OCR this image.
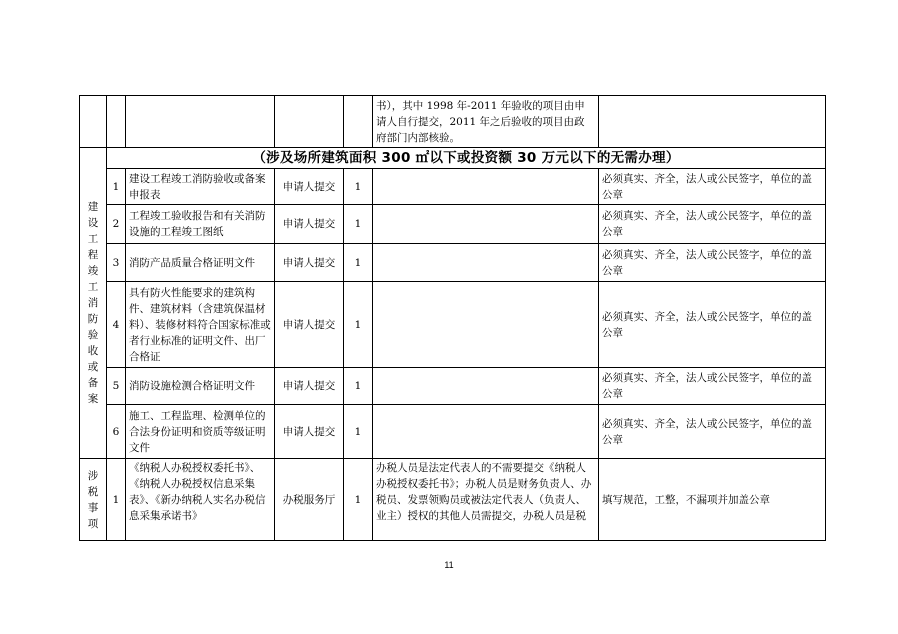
					书），其中 1998 年-2011 年验收的项目由申请人自行提交，2011 年之后验收的项目由政府部门内部核验。	
建设工程竣工消防验收或备案	（涉及场所建筑面积 300 ㎡以下或投资额 30 万元以下的无需办理）					
	1	建设工程竣工消防验收或备案申报表	申请人提交	1		必须真实、齐全，法人或公民签字，单位的盖公章
	2	工程竣工验收报告和有关消防设施的工程竣工图纸	申请人提交	1		必须真实、齐全，法人或公民签字，单位的盖公章
	3	消防产品质量合格证明文件	申请人提交	1		必须真实、齐全，法人或公民签字，单位的盖公章
	4	具有防火性能要求的建筑构件、建筑材料（含建筑保温材料）、装修材料符合国家标准或者行业标准的证明文件、出厂合格证	申请人提交	1		必须真实、齐全，法人或公民签字，单位的盖公章
	5	消防设施检测合格证明文件	申请人提交	1		必须真实、齐全，法人或公民签字，单位的盖公章
	6	施工、工程监理、检测单位的合法身份证明和资质等级证明文件	申请人提交	1		必须真实、齐全，法人或公民签字，单位的盖公章
涉税事项	1	《纳税人办税授权委托书》、《纳税人办税授权信息采集表》、《新办纳税人实名办税信息采集承诺书》	办税服务厅	1	办税人员是法定代表人的不需要提交《纳税人办税授权委托书》；办税人员是财务负责人、办税员、发票领购员或被法定代表人（负责人、业主）授权的其他人员需提交，办税人员是税	填写规范，工整，不漏项并加盖公章
11
